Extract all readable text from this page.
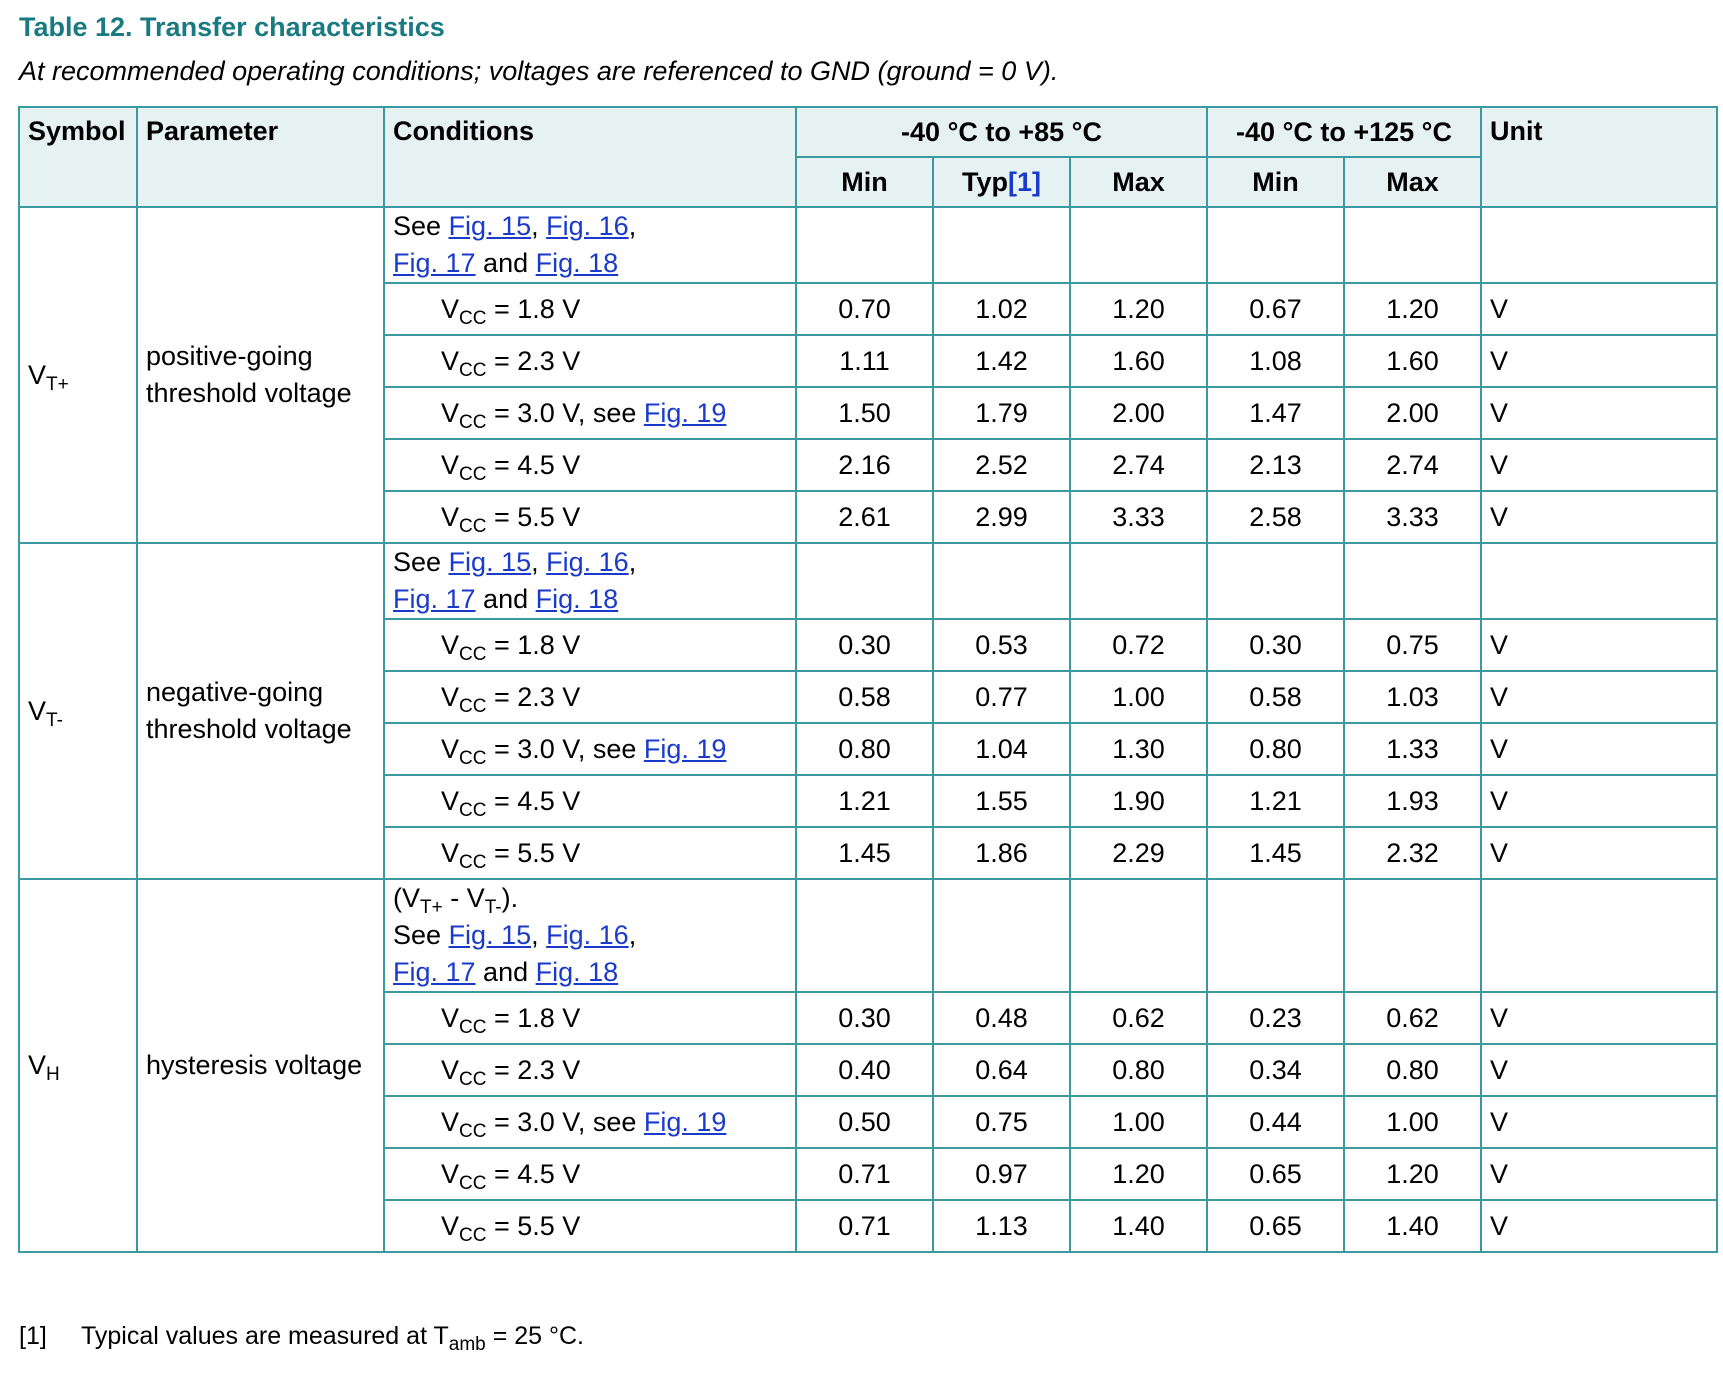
Table 12. Transfer characteristics
At recommended operating conditions; voltages are referenced to GND (ground = 0 V).
Symbol	Parameter	Conditions	-40 °C to +85 °C			-40 °C to +125 °C		Unit
			Min	Typ[1]	Max	Min	Max	
$V_{T+}$	positive-going threshold voltage	See Fig. 15, Fig. 16,
Fig. 17 and Fig. 18						
		$V_{CC} = 1.8$ V	0.70	1.02	1.20	0.67	1.20	V
		$V_{CC} = 2.3$ V	1.11	1.42	1.60	1.08	1.60	V
		$V_{CC} = 3.0$ V, see Fig. 19	1.50	1.79	2.00	1.47	2.00	V
		$V_{CC} = 4.5$ V	2.16	2.52	2.74	2.13	2.74	V
		$V_{CC} = 5.5$ V	2.61	2.99	3.33	2.58	3.33	V
$V_{T-}$	negative-going threshold voltage	See Fig. 15, Fig. 16,
Fig. 17 and Fig. 18						
		$V_{CC} = 1.8$ V	0.30	0.53	0.72	0.30	0.75	V
		$V_{CC} = 2.3$ V	0.58	0.77	1.00	0.58	1.03	V
		$V_{CC} = 3.0$ V, see Fig. 19	0.80	1.04	1.30	0.80	1.33	V
		$V_{CC} = 4.5$ V	1.21	1.55	1.90	1.21	1.93	V
		$V_{CC} = 5.5$ V	1.45	1.86	2.29	1.45	2.32	V
$V_H$	hysteresis voltage	$(V_{T+} - V_{T-})$.
See Fig. 15, Fig. 16,
Fig. 17 and Fig. 18						
		$V_{CC} = 1.8$ V	0.30	0.48	0.62	0.23	0.62	V
		$V_{CC} = 2.3$ V	0.40	0.64	0.80	0.34	0.80	V
		$V_{CC} = 3.0$ V, see Fig. 19	0.50	0.75	1.00	0.44	1.00	V
		$V_{CC} = 4.5$ V	0.71	0.97	1.20	0.65	1.20	V
		$V_{CC} = 5.5$ V	0.71	1.13	1.40	0.65	1.40	V
[1] Typical values are measured at $T_{amb} = 25$ °C.
